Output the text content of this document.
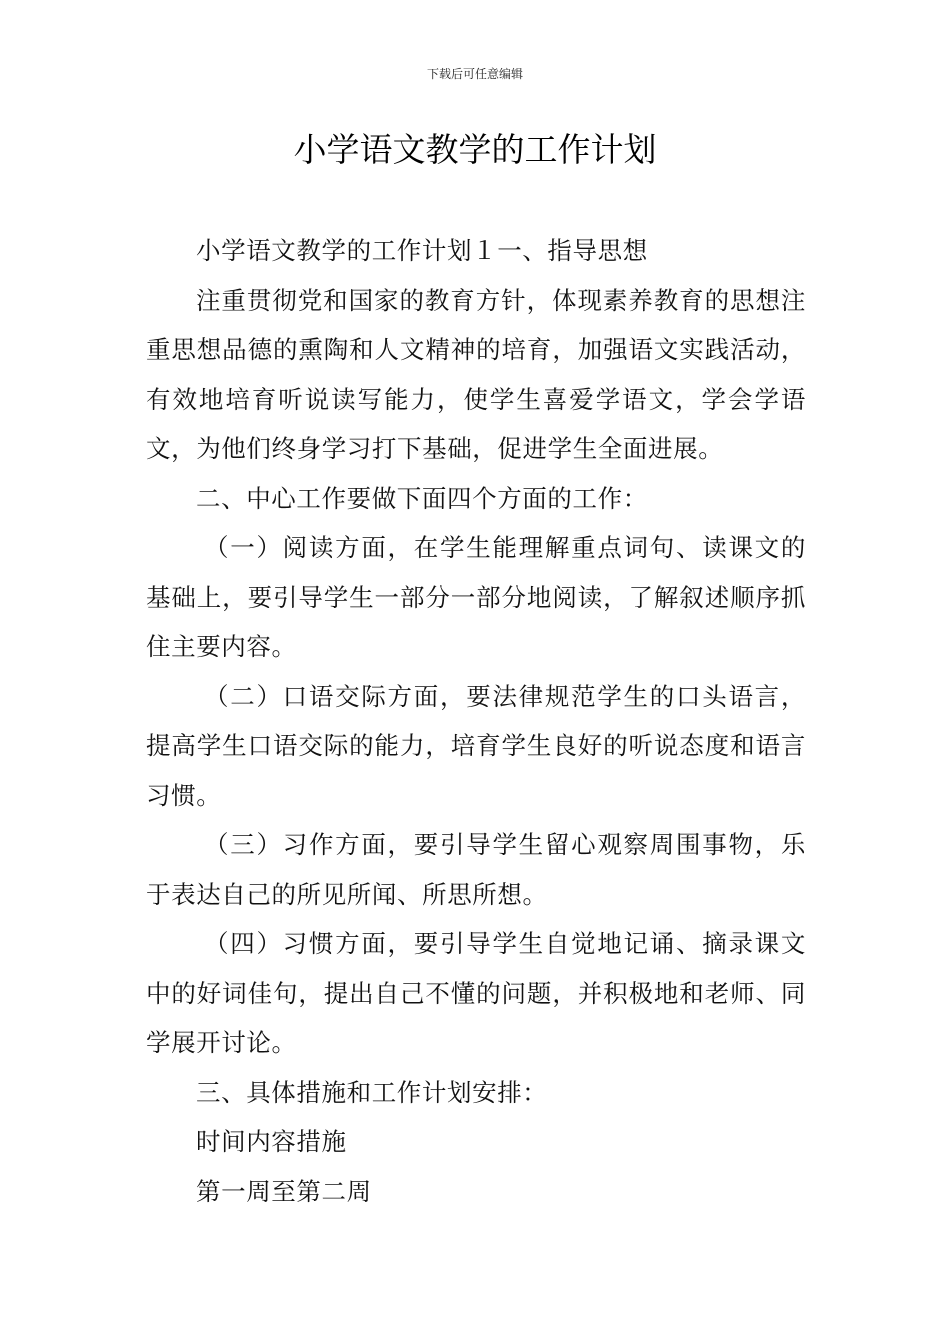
下载后可任意编辑
小学语文教学的工作计划

小学语文教学的工作计划１一、指导思想

注重贯彻党和国家的教育方针，体现素养教育的思想注重思想品德的熏陶和人文精神的培育，加强语文实践活动，有效地培育听说读写能力，使学生喜爱学语文，学会学语文，为他们终身学习打下基础，促进学生全面进展。

二、中心工作要做下面四个方面的工作：

（一）阅读方面，在学生能理解重点词句、读课文的基础上，要引导学生一部分一部分地阅读，了解叙述顺序抓住主要内容。

（二）口语交际方面，要法律规范学生的口头语言，提高学生口语交际的能力，培育学生良好的听说态度和语言习惯。

（三）习作方面，要引导学生留心观察周围事物，乐于表达自己的所见所闻、所思所想。

（四）习惯方面，要引导学生自觉地记诵、摘录课文中的好词佳句，提出自己不懂的问题，并积极地和老师、同学展开讨论。

三、具体措施和工作计划安排：

时间内容措施

第一周至第二周
